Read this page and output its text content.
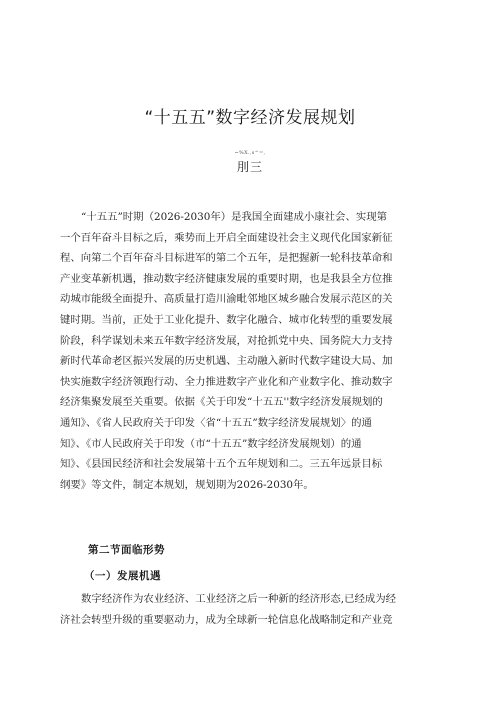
“十五五”数字经济发展规划
~%X.,s^=,
刖三
“十五五”时期（2026-2030年）是我国全面建成小康社会、实现第
一个百年奋斗目标之后，乘势而上开启全面建设社会主义现代化国家新征
程、向第二个百年奋斗目标进军的第二个五年，是把握新一轮科技革命和
产业变革新机遇，推动数字经济健康发展的重要时期，也是我县全方位推
动城市能级全面提升、高质量打造川渝毗邻地区城乡融合发展示范区的关
键时期。当前，正处于工业化提升、数字化融合、城市化转型的重要发展
阶段，科学谋划未来五年数字经济发展，对抢抓党中央、国务院大力支持
新时代革命老区振兴发展的历史机遇、主动融入新时代数字建设大局、加
快实施数字经济领跑行动、全力推进数字产业化和产业数字化、推动数字
经济集聚发展至关重要。依据《关于印发“十五五''数字经济发展规划的
通知》、《省人民政府关于印发〈省“十五五”数字经济发展规划〉的通
知》、《市人民政府关于印发（市“十五五”数字经济发展规划）的通
知》、《县国民经济和社会发展第十五个五年规划和二。三五年远景目标
纲要》等文件，制定本规划，规划期为2026-2030年。
第二节面临形势
（一）发展机遇
数字经济作为农业经济、工业经济之后一种新的经济形态,已经成为经
济社会转型升级的重要驱动力，成为全球新一轮信息化战略制定和产业竞
